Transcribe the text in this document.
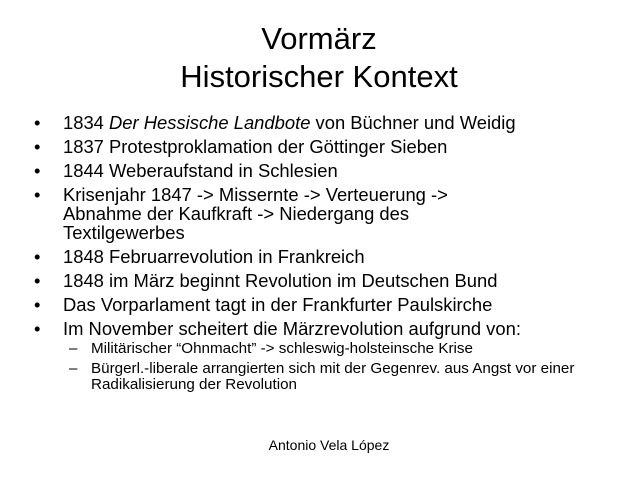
Vormärz
Historischer Kontext
• 1834 Der Hessische Landbote von Büchner und Weidig
• 1837 Protestproklamation der Göttinger Sieben
• 1844 Weberaufstand in Schlesien
• Krisenjahr 1847 -> Missernte -> Verteuerung -> Abnahme der Kaufkraft -> Niedergang des Textilgewerbes
• 1848 Februarrevolution in Frankreich
• 1848 im März beginnt Revolution im Deutschen Bund
• Das Vorparlament tagt in der Frankfurter Paulskirche
• Im November scheitert die Märzrevolution aufgrund von:
– Militärischer “Ohnmacht” -> schleswig-holsteinsche Krise
– Bürgerl.-liberale arrangierten sich mit der Gegenrev. aus Angst vor einer Radikalisierung der Revolution
Antonio Vela López
